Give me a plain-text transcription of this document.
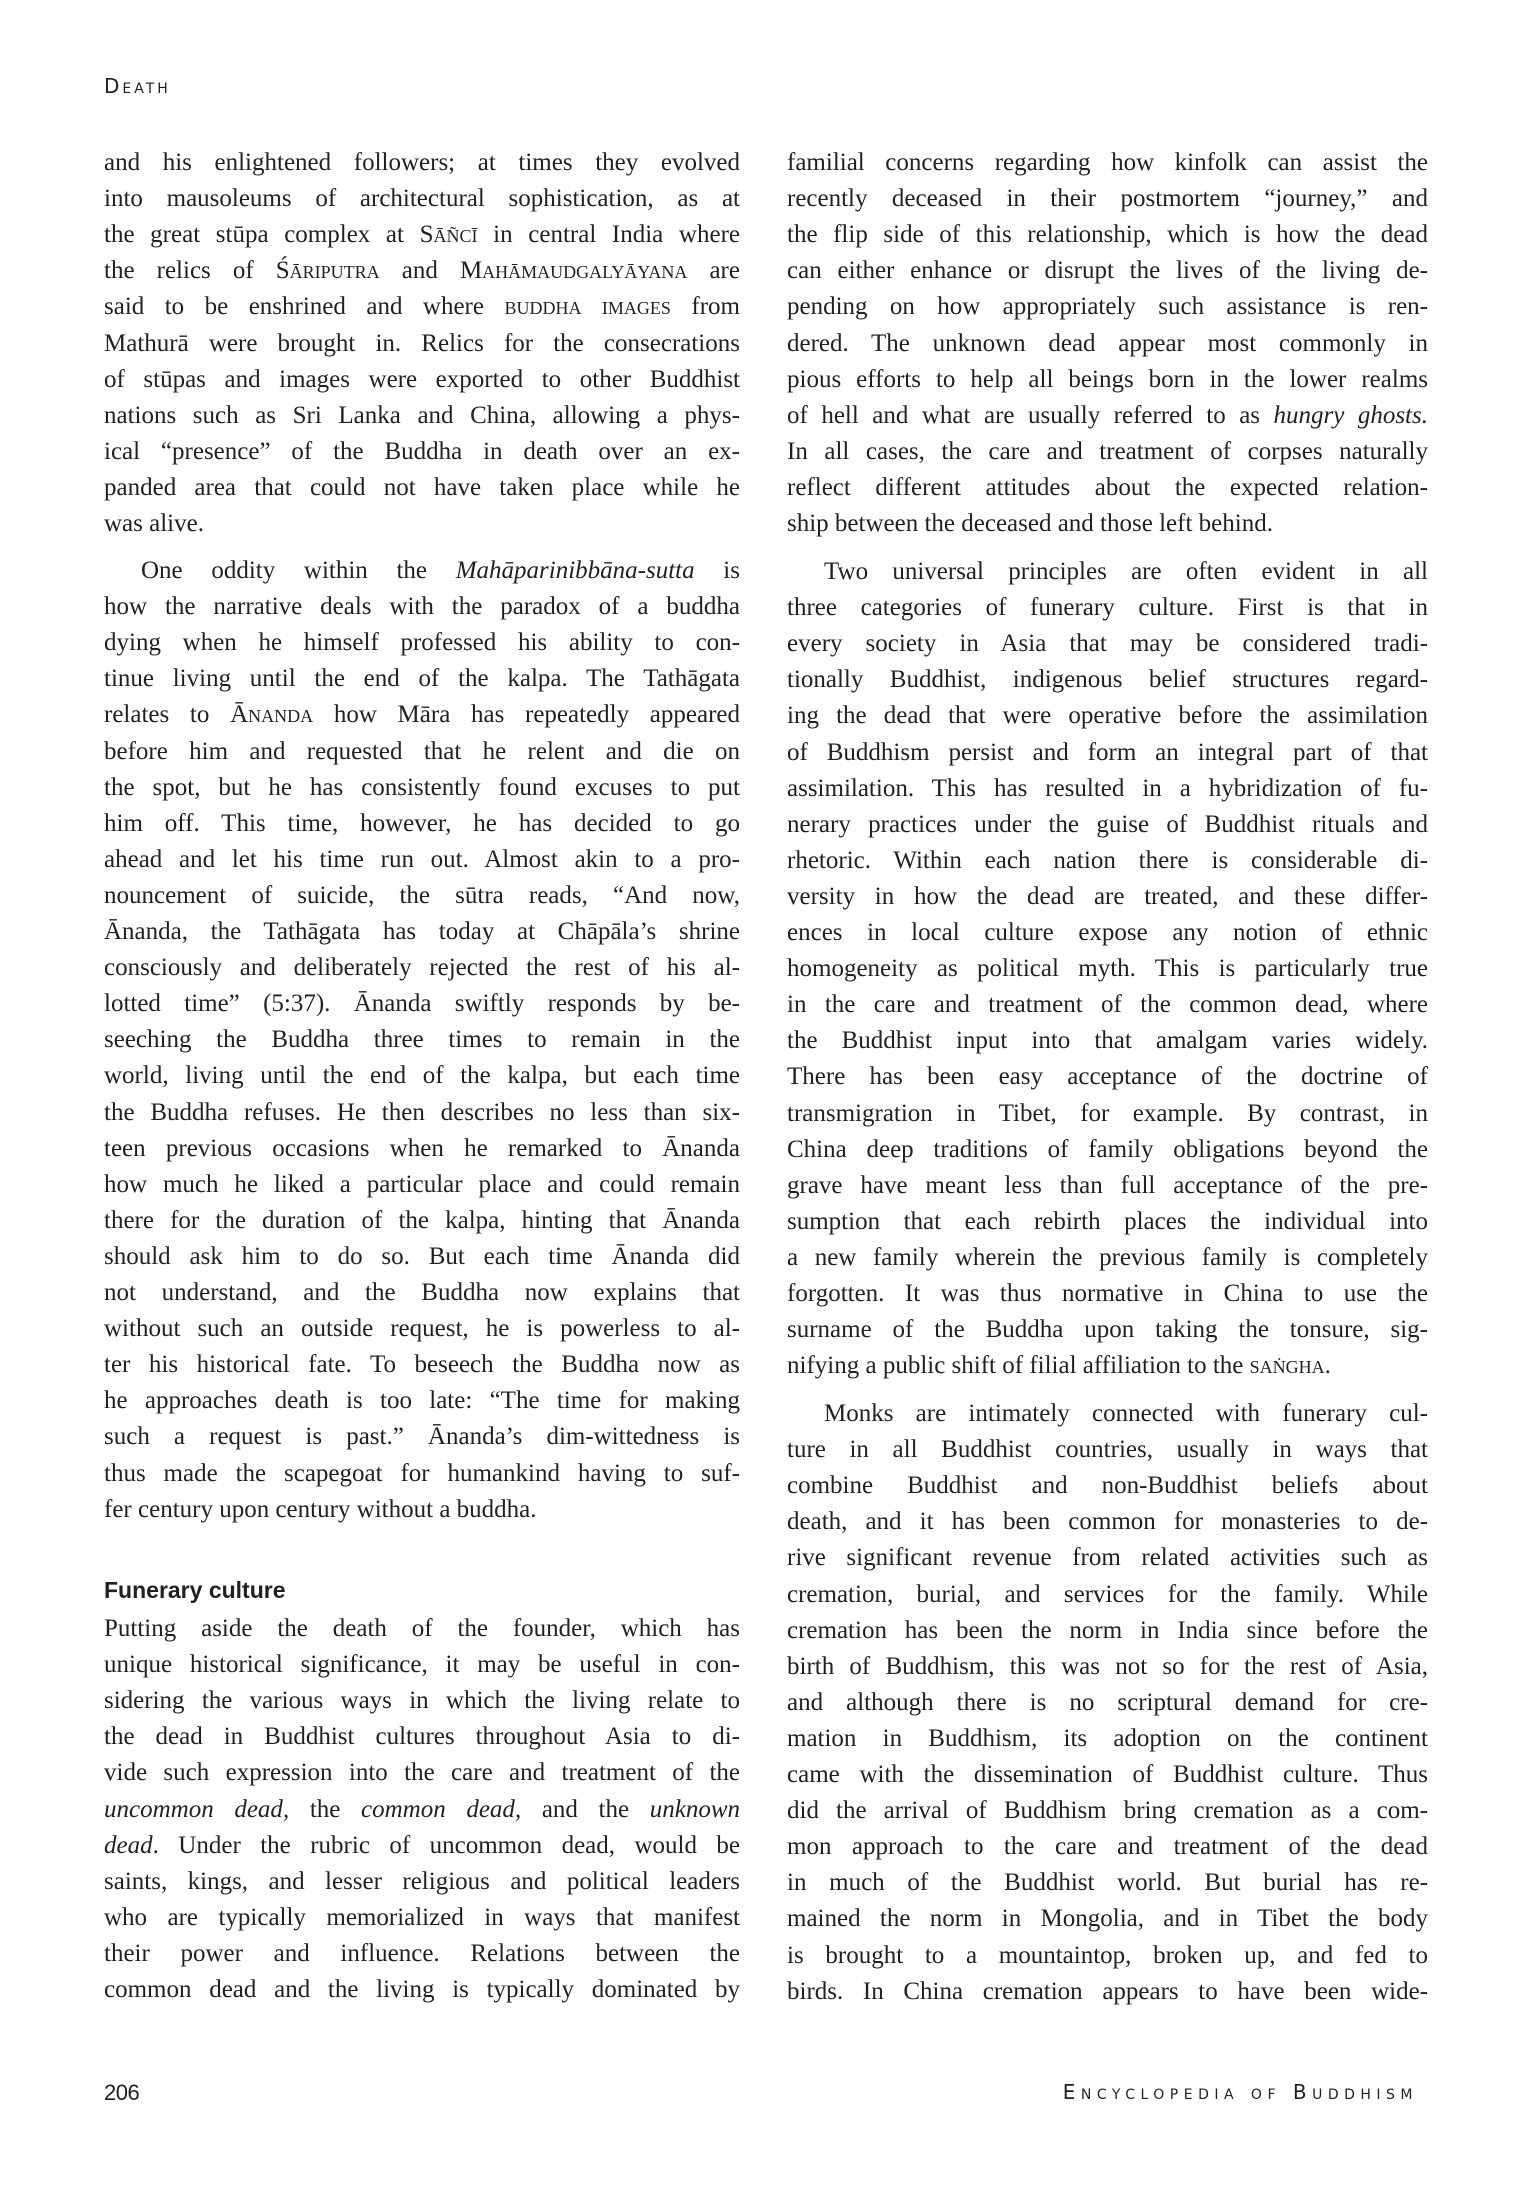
Death
and his enlightened followers; at times they evolved
into mausoleums of architectural sophistication, as at
the great stūpa complex at Sāñcī in central India where
the relics of Śāriputra and Mahāmaudgalyāyana are
said to be enshrined and where buddha images from
Mathurā were brought in. Relics for the consecrations
of stūpas and images were exported to other Buddhist
nations such as Sri Lanka and China, allowing a phys-
ical “presence” of the Buddha in death over an ex-
panded area that could not have taken place while he
was alive.
One oddity within the Mahāparinibbāna-sutta is
how the narrative deals with the paradox of a buddha
dying when he himself professed his ability to con-
tinue living until the end of the kalpa. The Tathāgata
relates to Ānanda how Māra has repeatedly appeared
before him and requested that he relent and die on
the spot, but he has consistently found excuses to put
him off. This time, however, he has decided to go
ahead and let his time run out. Almost akin to a pro-
nouncement of suicide, the sūtra reads, “And now,
Ānanda, the Tathāgata has today at Chāpāla’s shrine
consciously and deliberately rejected the rest of his al-
lotted time” (5:37). Ānanda swiftly responds by be-
seeching the Buddha three times to remain in the
world, living until the end of the kalpa, but each time
the Buddha refuses. He then describes no less than six-
teen previous occasions when he remarked to Ānanda
how much he liked a particular place and could remain
there for the duration of the kalpa, hinting that Ānanda
should ask him to do so. But each time Ānanda did
not understand, and the Buddha now explains that
without such an outside request, he is powerless to al-
ter his historical fate. To beseech the Buddha now as
he approaches death is too late: “The time for making
such a request is past.” Ānanda’s dim-wittedness is
thus made the scapegoat for humankind having to suf-
fer century upon century without a buddha.
Funerary culture
Putting aside the death of the founder, which has
unique historical significance, it may be useful in con-
sidering the various ways in which the living relate to
the dead in Buddhist cultures throughout Asia to di-
vide such expression into the care and treatment of the
uncommon dead, the common dead, and the unknown
dead. Under the rubric of uncommon dead, would be
saints, kings, and lesser religious and political leaders
who are typically memorialized in ways that manifest
their power and influence. Relations between the
common dead and the living is typically dominated by
familial concerns regarding how kinfolk can assist the
recently deceased in their postmortem “journey,” and
the flip side of this relationship, which is how the dead
can either enhance or disrupt the lives of the living de-
pending on how appropriately such assistance is ren-
dered. The unknown dead appear most commonly in
pious efforts to help all beings born in the lower realms
of hell and what are usually referred to as hungry ghosts.
In all cases, the care and treatment of corpses naturally
reflect different attitudes about the expected relation-
ship between the deceased and those left behind.
Two universal principles are often evident in all
three categories of funerary culture. First is that in
every society in Asia that may be considered tradi-
tionally Buddhist, indigenous belief structures regard-
ing the dead that were operative before the assimilation
of Buddhism persist and form an integral part of that
assimilation. This has resulted in a hybridization of fu-
nerary practices under the guise of Buddhist rituals and
rhetoric. Within each nation there is considerable di-
versity in how the dead are treated, and these differ-
ences in local culture expose any notion of ethnic
homogeneity as political myth. This is particularly true
in the care and treatment of the common dead, where
the Buddhist input into that amalgam varies widely.
There has been easy acceptance of the doctrine of
transmigration in Tibet, for example. By contrast, in
China deep traditions of family obligations beyond the
grave have meant less than full acceptance of the pre-
sumption that each rebirth places the individual into
a new family wherein the previous family is completely
forgotten. It was thus normative in China to use the
surname of the Buddha upon taking the tonsure, sig-
nifying a public shift of filial affiliation to the saṅgha.
Monks are intimately connected with funerary cul-
ture in all Buddhist countries, usually in ways that
combine Buddhist and non-Buddhist beliefs about
death, and it has been common for monasteries to de-
rive significant revenue from related activities such as
cremation, burial, and services for the family. While
cremation has been the norm in India since before the
birth of Buddhism, this was not so for the rest of Asia,
and although there is no scriptural demand for cre-
mation in Buddhism, its adoption on the continent
came with the dissemination of Buddhist culture. Thus
did the arrival of Buddhism bring cremation as a com-
mon approach to the care and treatment of the dead
in much of the Buddhist world. But burial has re-
mained the norm in Mongolia, and in Tibet the body
is brought to a mountaintop, broken up, and fed to
birds. In China cremation appears to have been wide-
206	Encyclopedia of Buddhism
